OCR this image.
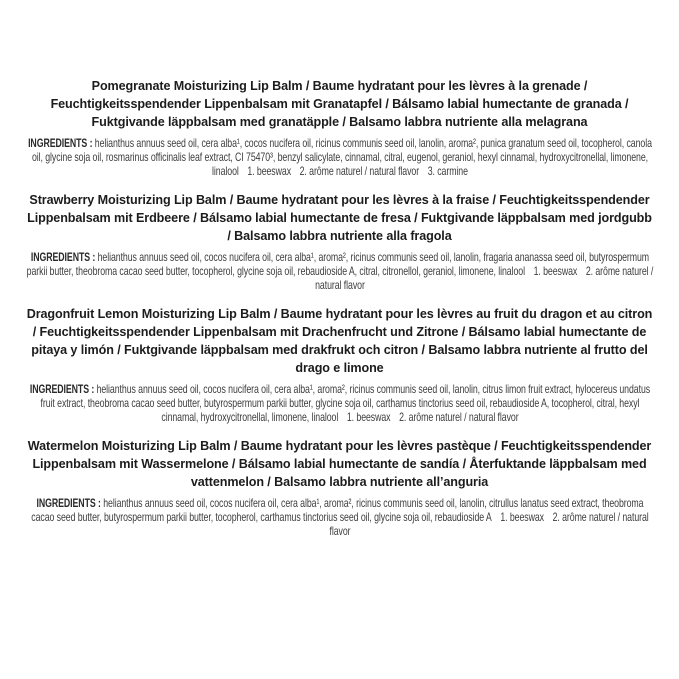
Pomegranate Moisturizing Lip Balm / Baume hydratant pour les lèvres à la grenade / Feuchtigkeitsspendender Lippenbalsam mit Granatapfel / Bálsamo labial humectante de granada / Fuktgivande läppbalsam med granatäpple / Balsamo labbra nutriente alla melagrana

INGREDIENTS : helianthus annuus seed oil, cera alba¹, cocos nucifera oil, ricinus communis seed oil, lanolin, aroma², punica granatum seed oil, tocopherol, canola oil, glycine soja oil, rosmarinus officinalis leaf extract, CI 75470³, benzyl salicylate, cinnamal, citral, eugenol, geraniol, hexyl cinnamal, hydroxycitronellal, limonene, linalool  1. beeswax  2. arôme naturel / natural flavor  3. carmine

Strawberry Moisturizing Lip Balm / Baume hydratant pour les lèvres à la fraise / Feuchtigkeitsspendender Lippenbalsam mit Erdbeere / Bálsamo labial humectante de fresa / Fuktgivande läppbalsam med jordgubb / Balsamo labbra nutriente alla fragola

INGREDIENTS : helianthus annuus seed oil, cocos nucifera oil, cera alba¹, aroma², ricinus communis seed oil, lanolin, fragaria ananassa seed oil, butyrospermum parkii butter, theobroma cacao seed butter, tocopherol, glycine soja oil, rebaudioside A, citral, citronellol, geraniol, limonene, linalool  1. beeswax  2. arôme naturel / natural flavor

Dragonfruit Lemon Moisturizing Lip Balm / Baume hydratant pour les lèvres au fruit du dragon et au citron / Feuchtigkeitsspendender Lippenbalsam mit Drachenfrucht und Zitrone / Bálsamo labial humectante de pitaya y limón / Fuktgivande läppbalsam med drakfrukt och citron / Balsamo labbra nutriente al frutto del drago e limone

INGREDIENTS : helianthus annuus seed oil, cocos nucifera oil, cera alba¹, aroma², ricinus communis seed oil, lanolin, citrus limon fruit extract, hylocereus undatus fruit extract, theobroma cacao seed butter, butyrospermum parkii butter, glycine soja oil, carthamus tinctorius seed oil, rebaudioside A, tocopherol, citral, hexyl cinnamal, hydroxycitronellal, limonene, linalool  1. beeswax  2. arôme naturel / natural flavor

Watermelon Moisturizing Lip Balm / Baume hydratant pour les lèvres pastèque / Feuchtigkeitsspendender Lippenbalsam mit Wassermelone / Bálsamo labial humectante de sandía / Återfuktande läppbalsam med vattenmelon / Balsamo labbra nutriente all’anguria

INGREDIENTS : helianthus annuus seed oil, cocos nucifera oil, cera alba¹, aroma², ricinus communis seed oil, lanolin, citrullus lanatus seed extract, theobroma cacao seed butter, butyrospermum parkii butter, tocopherol, carthamus tinctorius seed oil, glycine soja oil, rebaudioside A  1. beeswax  2. arôme naturel / natural flavor
